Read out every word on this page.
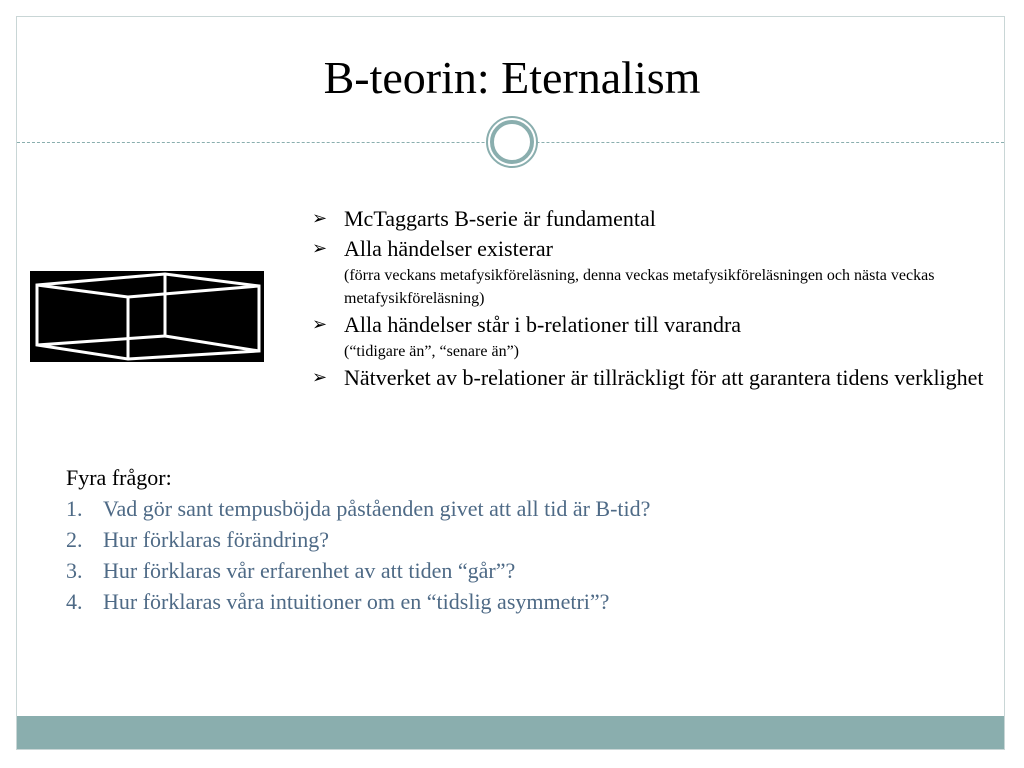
B-teorin: Eternalism
➢ McTaggarts B-serie är fundamental
➢ Alla händelser existerar
(förra veckans metafysikföreläsning, denna veckas metafysikföreläsningen och nästa veckas metafysikföreläsning)
➢ Alla händelser står i b-relationer till varandra
(“tidigare än”, “senare än”)
➢ Nätverket av b-relationer är tillräckligt för att garantera tidens verklighet
Fyra frågor:
1. Vad gör sant tempusböjda påståenden givet att all tid är B-tid?
2. Hur förklaras förändring?
3. Hur förklaras vår erfarenhet av att tiden “går”?
4. Hur förklaras våra intuitioner om en “tidslig asymmetri”?
